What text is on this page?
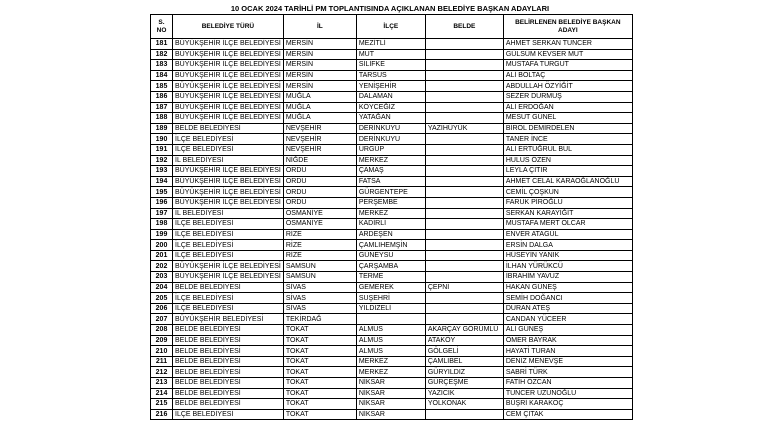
10 OCAK 2024 TARİHLİ PM TOPLANTISINDA AÇIKLANAN BELEDİYE BAŞKAN ADAYLARI
S.
NO	BELEDİYE TÜRÜ	İL	İLÇE	BELDE	BELİRLENEN BELEDİYE BAŞKAN ADAYI
181	BÜYÜKŞEHİR İLÇE BELEDİYESİ	MERSİN	MEZİTLİ		AHMET SERKAN TUNCER
182	BÜYÜKŞEHİR İLÇE BELEDİYESİ	MERSİN	MUT		GÜLSÜM KEVSER MUT
183	BÜYÜKŞEHİR İLÇE BELEDİYESİ	MERSİN	SİLİFKE		MUSTAFA TURGUT
184	BÜYÜKŞEHİR İLÇE BELEDİYESİ	MERSİN	TARSUS		ALİ BOLTAÇ
185	BÜYÜKŞEHİR İLÇE BELEDİYESİ	MERSİN	YENİŞEHİR		ABDULLAH ÖZYİĞİT
186	BÜYÜKŞEHİR İLÇE BELEDİYESİ	MUĞLA	DALAMAN		SEZER DURMUŞ
187	BÜYÜKŞEHİR İLÇE BELEDİYESİ	MUĞLA	KÖYCEĞİZ		ALİ ERDOĞAN
188	BÜYÜKŞEHİR İLÇE BELEDİYESİ	MUĞLA	YATAĞAN		MESUT GÜNEL
189	BELDE BELEDİYESİ	NEVŞEHİR	DERİNKUYU	YAZIHÜYÜK	BİROL DEMİRDELEN
190	İLÇE BELEDİYESİ	NEVŞEHİR	DERİNKUYU		TANER İNCE
191	İLÇE BELEDİYESİ	NEVŞEHİR	ÜRGÜP		ALİ ERTUĞRUL BUL
192	İL BELEDİYESİ	NİĞDE	MERKEZ		HULUS ÖZEN
193	BÜYÜKŞEHİR İLÇE BELEDİYESİ	ORDU	ÇAMAŞ		LEYLA ÇITIR
194	BÜYÜKŞEHİR İLÇE BELEDİYESİ	ORDU	FATSA		AHMET CELAL KARAOĞLANOĞLU
195	BÜYÜKŞEHİR İLÇE BELEDİYESİ	ORDU	GÜRGENTEPE		CEMİL ÇOŞKUN
196	BÜYÜKŞEHİR İLÇE BELEDİYESİ	ORDU	PERŞEMBE		FARUK PİROĞLU
197	İL BELEDİYESİ	OSMANİYE	MERKEZ		SERKAN KARAYİĞİT
198	İLÇE BELEDİYESİ	OSMANİYE	KADİRLİ		MUSTAFA MERT OLCAR
199	İLÇE BELEDİYESİ	RİZE	ARDEŞEN		ENVER ATAGÜL
200	İLÇE BELEDİYESİ	RİZE	ÇAMLIHEMŞİN		ERSİN DALGA
201	İLÇE BELEDİYESİ	RİZE	GÜNEYSU		HÜSEYİN YANIK
202	BÜYÜKŞEHİR İLÇE BELEDİYESİ	SAMSUN	ÇARŞAMBA		İLHAN YÜRÜKCÜ
203	BÜYÜKŞEHİR İLÇE BELEDİYESİ	SAMSUN	TERME		İBRAHİM YAVUZ
204	BELDE BELEDİYESİ	SİVAS	GEMEREK	ÇEPNİ	HAKAN GÜNEŞ
205	İLÇE BELEDİYESİ	SİVAS	SUŞEHRİ		SEMİH DOĞANCI
206	İLÇE BELEDİYESİ	SİVAS	YILDIZELİ		DURAN ATEŞ
207	BÜYÜKŞEHİR BELEDİYESİ	TEKİRDAĞ			CANDAN YÜCEER
208	BELDE BELEDİYESİ	TOKAT	ALMUS	AKARÇAY GÖRÜMLÜ	ALİ GÜNEŞ
209	BELDE BELEDİYESİ	TOKAT	ALMUS	ATAKÖY	ÖMER BAYRAK
210	BELDE BELEDİYESİ	TOKAT	ALMUS	GÖLGELİ	HAYATİ TURAN
211	BELDE BELEDİYESİ	TOKAT	MERKEZ	ÇAMLIBEL	DENİZ MENEVŞE
212	BELDE BELEDİYESİ	TOKAT	MERKEZ	GÜRYILDIZ	SABRİ TÜRK
213	BELDE BELEDİYESİ	TOKAT	NİKSAR	GÜRÇEŞME	FATİH ÖZCAN
214	BELDE BELEDİYESİ	TOKAT	NİKSAR	YAZICIK	TUNCER UZUNOĞLU
215	BELDE BELEDİYESİ	TOKAT	NİKSAR	YOLKONAK	BÜŞRİ KARAKOÇ
216	İLÇE BELEDİYESİ	TOKAT	NİKSAR		CEM ÇITAK
